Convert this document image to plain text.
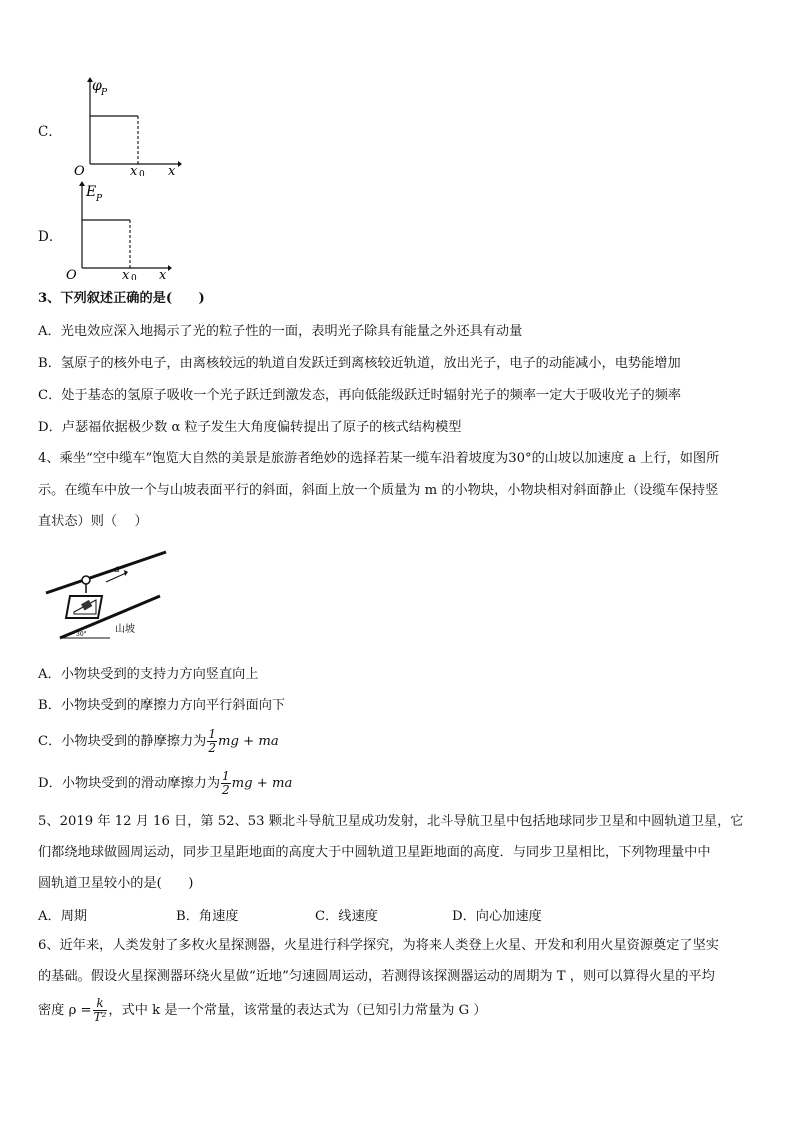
C．
φ P
O	x 0 x
D．
E P
O	x 0 x
3、下列叙述正确的是(　　)
A．光电效应深入地揭示了光的粒子性的一面，表明光子除具有能量之外还具有动量
B．氢原子的核外电子，由离核较远的轨道自发跃迁到离核较近轨道，放出光子，电子的动能减小，电势能增加
C．处于基态的氢原子吸收一个光子跃迁到激发态，再向低能级跃迁时辐射光子的频率一定大于吸收光子的频率
D．卢瑟福依据极少数 α 粒子发生大角度偏转提出了原子的核式结构模型
4、乘坐“空中缆车”饱览大自然的美景是旅游者绝妙的选择若某一缆车沿着坡度为30°的山坡以加速度 a 上行，如图所
示。在缆车中放一个与山坡表面平行的斜面，斜面上放一个质量为 m 的小物块，小物块相对斜面静止（设缆车保持竖
直状态）则（　 ）
a
山坡
30°
A．小物块受到的支持力方向竖直向上
B．小物块受到的摩擦力方向平行斜面向下
C．小物块受到的静摩擦力为 $\frac{1}{2}$ mg + ma
D．小物块受到的滑动摩擦力为 $\frac{1}{2}$ mg + ma
5、2019 年 12 月 16 日，第 52、53 颗北斗导航卫星成功发射，北斗导航卫星中包括地球同步卫星和中圆轨道卫星，它
们都绕地球做圆周运动，同步卫星距地面的高度大于中圆轨道卫星距地面的高度．与同步卫星相比，下列物理量中中
圆轨道卫星较小的是(　　)
A．周期	B．角速度	C．线速度	D．向心加速度
6、近年来，人类发射了多枚火星探测器，火星进行科学探究，为将来人类登上火星、开发和利用火星资源奠定了坚实
的基础。假设火星探测器环绕火星做“近地”匀速圆周运动，若测得该探测器运动的周期为 T ，则可以算得火星的平均
密度 $\rho = \frac{k}{\text{T²}}$ ，式中 k 是一个常量，该常量的表达式为（已知引力常量为 G ）
